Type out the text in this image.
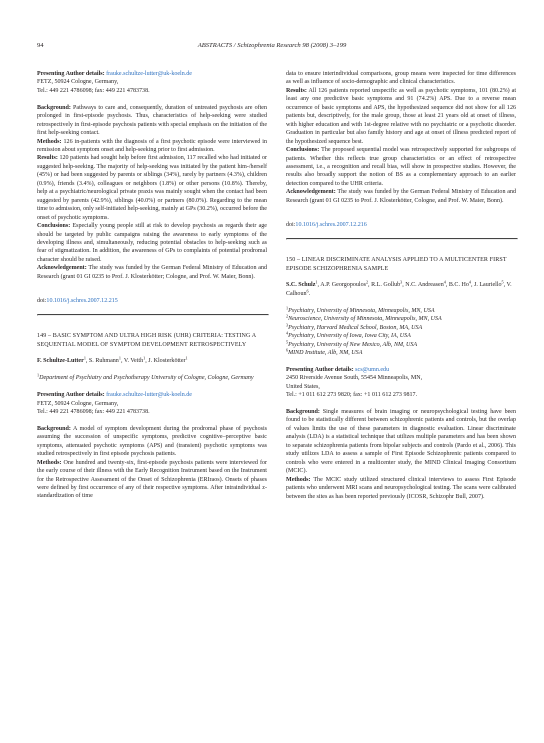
94	ABSTRACTS / Schizophrenia Research 98 (2008) 3–199

Presenting Author details: frauke.schultze-lutter@uk-koeln.de
FETZ, 50924 Cologne, Germany,
Tel.: 449 221 4786098; fax: 449 221 4783738.

Background: Pathways to care and, consequently, duration of untreated psychosis are often prolonged in first-episode psychosis. Thus, characteristics of help-seeking were studied retrospectively in first-episode psychosis patients with special emphasis on the initiation of the first help-seeking contact.

Methods: 126 in-patients with the diagnosis of a first psychotic episode were interviewed in remission about symptom onset and help-seeking prior to first admission.

Results: 120 patients had sought help before first admission, 117 recalled who had initiated or suggested help-seeking. The majority of help-seeking was initiated by the patient him-/herself (45%) or had been suggested by parents or siblings (34%), rarely by partners (4.3%), children (0.9%), friends (3.4%), colleagues or neighbors (1.8%) or other persons (10.8%). Thereby, help at a psychiatric/neurological private praxis was mainly sought when the contact had been suggested by parents (42.9%), siblings (40.0%) or partners (80.0%). Regarding to the mean time to admission, only self-initiated help-seeking, mainly at GPs (30.2%), occurred before the onset of psychotic symptoms.

Conclusions: Especially young people still at risk to develop psychosis as regards their age should be targeted by public campaigns raising the awareness to early symptoms of the developing illness and, simultaneously, reducing potential obstacles to help-seeking such as fear of stigmatization. In addition, the awareness of GPs to complaints of potential prodromal character should be raised.

Acknowledgement: The study was funded by the German Federal Ministry of Education and Research (grant 01 GI 0235 to Prof. J. Klosterkötter; Cologne, and Prof. W. Maier, Bonn).

doi:10.1016/j.schres.2007.12.215

149 – BASIC SYMPTOM AND ULTRA HIGH RISK (UHR) CRITERIA: TESTING A SEQUENTIAL MODEL OF SYMPTOM DEVELOPMENT RETROSPECTIVELY

F. Schultze-Lutter$^1$, S. Ruhmann$^1$, V. Veith$^1$, J. Klosterkötter$^1$

$^1$Department of Psychiatry and Psychotherapy University of Cologne, Cologne, Germany

Presenting Author details: frauke.schultze-lutter@uk-koeln.de
FETZ, 50924 Cologne, Germany,
Tel.: 449 221 4786098; fax: 449 221 4783738.

Background: A model of symptom development during the prodromal phase of psychosis assuming the succession of unspecific symptoms, predictive cognitive–perceptive basic symptoms, attenuated psychotic symptoms (APS) and (transient) psychotic symptoms was studied retrospectively in first episode psychosis patients.

Methods: One hundred and twenty-six, first-episode psychosis patients were interviewed for the early course of their illness with the Early Recognition Instrument based on the Instrument for the Retrospective Assessment of the Onset of Schizophrenia (ERIraos). Onsets of phases were defined by first occurrence of any of their respective symptoms. After intraindividual z-standardization of time

data to ensure interindividual comparisons, group means were inspected for time differences as well as influence of socio-demographic and clinical characteristics.

Results: All 126 patients reported unspecific as well as psychotic symptoms, 101 (80.2%) at least any one predictive basic symptoms and 91 (74.2%) APS. Due to a reverse mean occurrence of basic symptoms and APS, the hypothesized sequence did not show for all 126 patients but, descriptively, for the male group, those at least 21 years old at onset of illness, with higher education and with 1st-degree relative with no psychiatric or a psychotic disorder. Graduation in particular but also family history and age at onset of illness predicted report of the hypothesized sequence best.

Conclusions: The proposed sequential model was retrospectively supported for subgroups of patients. Whether this reflects true group characteristics or an effect of retrospective assessment, i.e., a recognition and recall bias, will show in prospective studies. However, the results also broadly support the notion of BS as a complementary approach to an earlier detection compared to the UHR criteria.

Acknowledgement: The study was funded by the German Federal Ministry of Education and Research (grant 01 GI 0235 to Prof. J. Klosterkötter, Cologne, and Prof. W. Maier, Bonn).

doi:10.1016/j.schres.2007.12.216

150 – LINEAR DISCRIMINATE ANALYSIS APPLIED TO A MULTICENTER FIRST EPISODE SCHIZOPHRENIA SAMPLE

S.C. Schulz$^1$, A.P. Georgopoulos$^2$, R.L. Gollub$^3$, N.C. Andreasen$^4$, B.C. Ho$^4$, J. Lauriello$^5$, V. Calhoun$^6$.

$^1$Psychiatry, University of Minnesota, Minneapolis, MN, USA
$^2$Neuroscience, University of Minnesota, Minneapolis, MN, USA
$^3$Psychiatry, Harvard Medical School, Boston, MA, USA
$^4$Psychiatry, University of Iowa, Iowa City, IA, USA
$^5$Psychiatry, University of New Mexico, Alb, NM, USA
$^6$MIND Institute, Alb, NM, USA

Presenting Author details: scs@umn.edu
2450 Riverside Avenue South, 55454 Minneapolis, MN,
United States,
Tel.: +1 011 612 273 9820; fax: +1 011 612 273 9817.

Background: Single measures of brain imaging or neuropsychological testing have been found to be statistically different between schizophrenic patients and controls, but the overlap of values limits the use of these parameters in diagnostic evaluation. Linear discriminate analysis (LDA) is a statistical technique that utilizes multiple parameters and has been shown to separate schizophrenia patients from bipolar subjects and controls (Pardo et al., 2006). This study utilizes LDA to assess a sample of First Episode Schizophrenic patients compared to controls who were entered in a multicenter study, the MIND Clinical Imaging Consortium (MCIC).

Methods: The MCIC study utilized structured clinical interviews to assess First Episode patients who underwent MRI scans and neuropsychological testing. The scans were calibrated between the sites as has been reported previously (ICOSR, Schizophr Bull, 2007).
